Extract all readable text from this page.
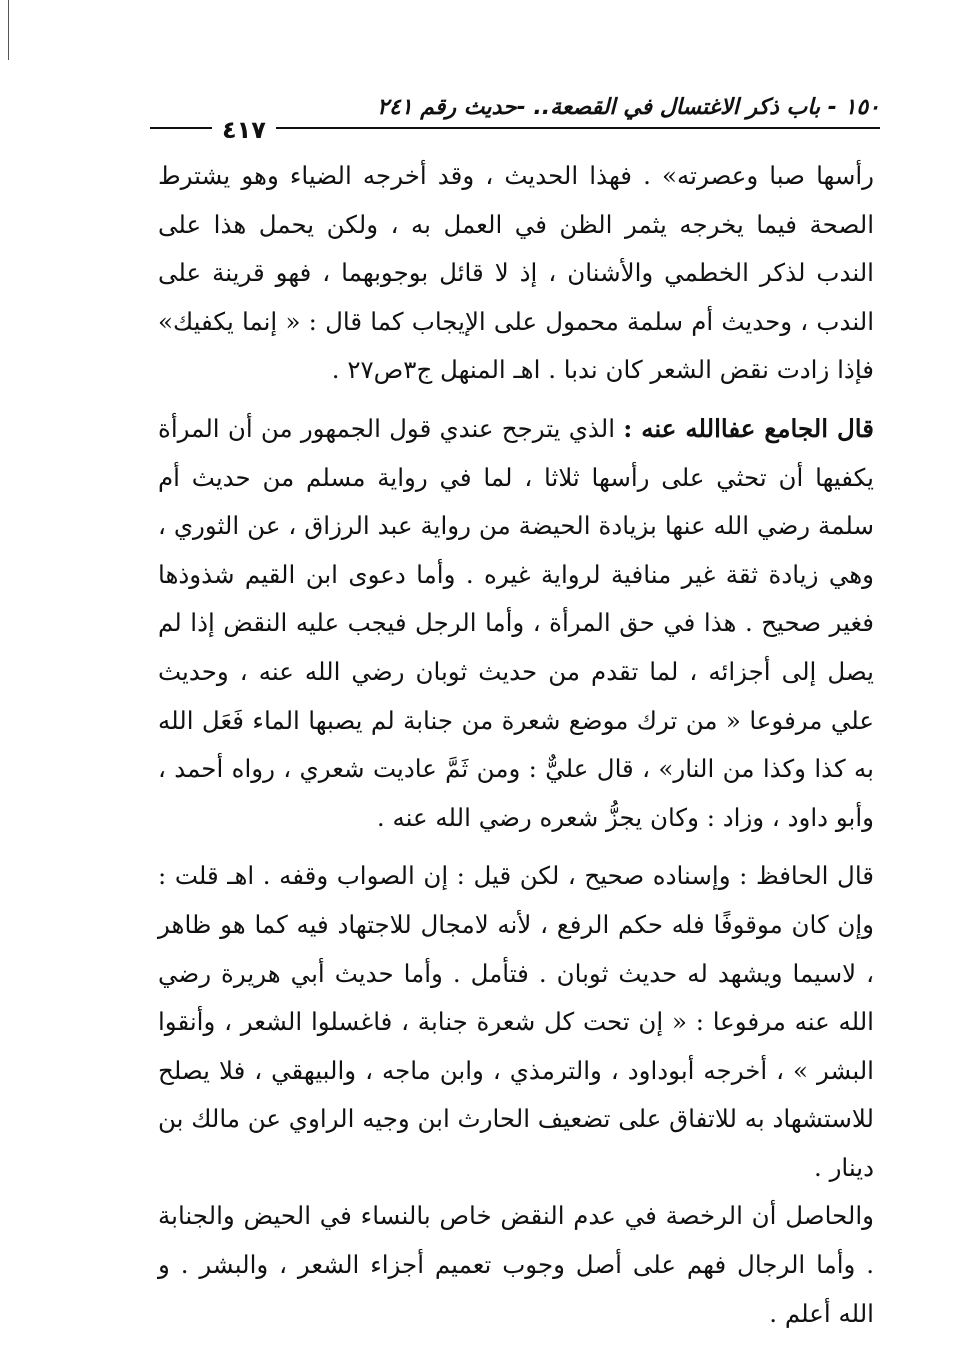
١٥٠ - باب ذكر الاغتسال في القصعة.. -حديث رقم ٢٤١
٤١٧

رأسها صبا وعصرته» . فهذا الحديث ، وقد أخرجه الضياء وهو يشترط الصحة فيما يخرجه يثمر الظن في العمل به ، ولكن يحمل هذا على الندب لذكر الخطمي والأشنان ، إذ لا قائل بوجوبهما ، فهو قرينة على الندب ، وحديث أم سلمة محمول على الإيجاب كما قال : « إنما يكفيك» فإذا زادت نقض الشعر كان ندبا . اهـ المنهل ج٣ص٢٧ .

قال الجامع عفاالله عنه : الذي يترجح عندي قول الجمهور من أن المرأة يكفيها أن تحثي على رأسها ثلاثا ، لما في رواية مسلم من حديث أم سلمة رضي الله عنها بزيادة الحيضة من رواية عبد الرزاق ، عن الثوري ، وهي زيادة ثقة غير منافية لرواية غيره . وأما دعوى ابن القيم شذوذها فغير صحيح . هذا في حق المرأة ، وأما الرجل فيجب عليه النقض إذا لم يصل إلى أجزائه ، لما تقدم من حديث ثوبان رضي الله عنه ، وحديث علي مرفوعا « من ترك موضع شعرة من جنابة لم يصبها الماء فَعَل الله به كذا وكذا من النار» ، قال عليٌّ : ومن ثَمَّ عاديت شعري ، رواه أحمد ، وأبو داود ، وزاد : وكان يجزُّ شعره رضي الله عنه .

قال الحافظ : وإسناده صحيح ، لكن قيل : إن الصواب وقفه . اهـ قلت : وإن كان موقوفًا فله حكم الرفع ، لأنه لامجال للاجتهاد فيه كما هو ظاهر ، لاسيما ويشهد له حديث ثوبان . فتأمل . وأما حديث أبي هريرة رضي الله عنه مرفوعا : « إن تحت كل شعرة جنابة ، فاغسلوا الشعر ، وأنقوا البشر » ، أخرجه أبوداود ، والترمذي ، وابن ماجه ، والبيهقي ، فلا يصلح للاستشهاد به للاتفاق على تضعيف الحارث ابن وجيه الراوي عن مالك بن دينار .

والحاصل أن الرخصة في عدم النقض خاص بالنساء في الحيض والجنابة . وأما الرجال فهم على أصل وجوب تعميم أجزاء الشعر ، والبشر . و الله أعلم .
